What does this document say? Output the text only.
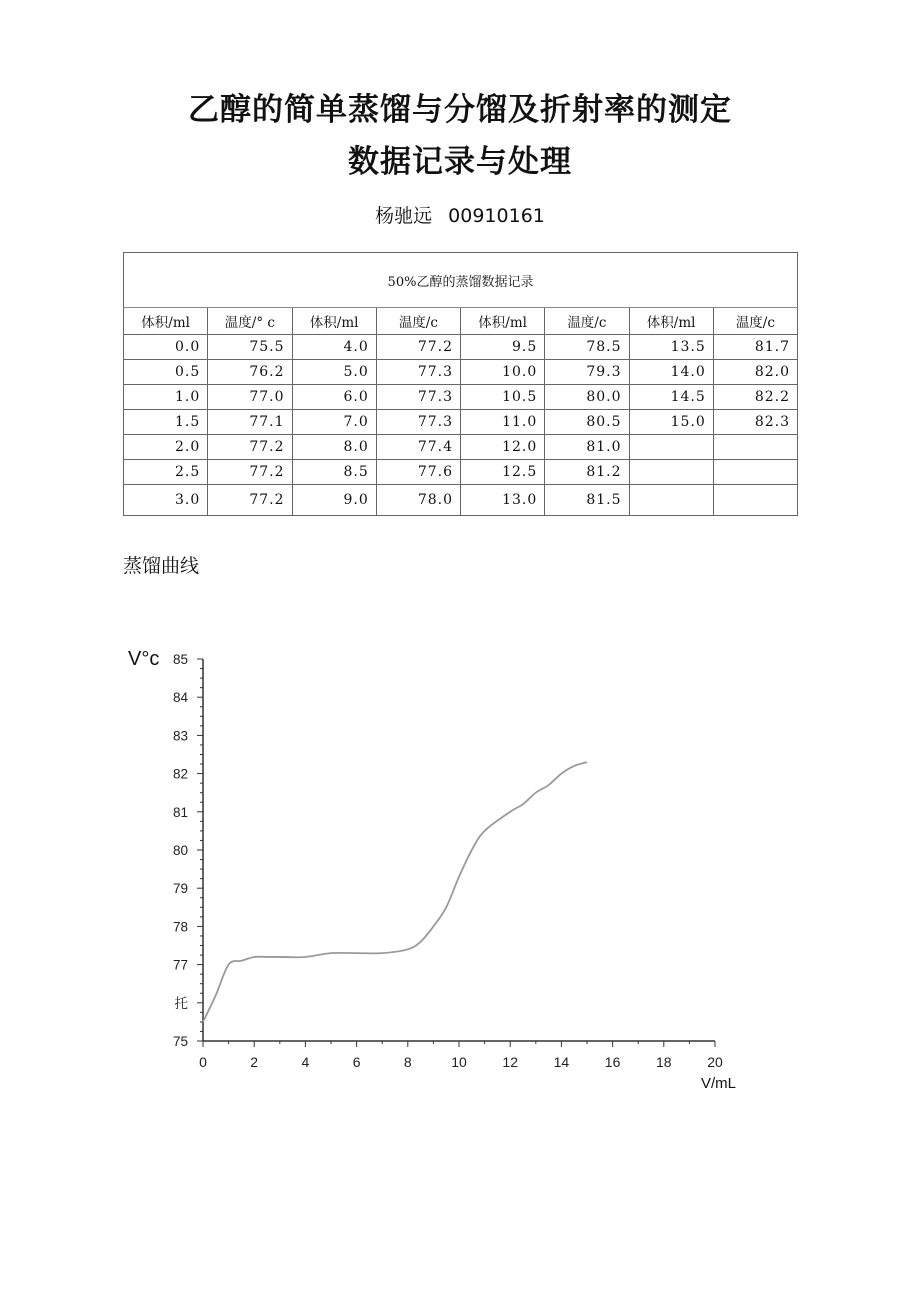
乙醇的简单蒸馏与分馏及折射率的测定
数据记录与处理
杨驰远 00910161
50%乙醇的蒸馏数据记录							
体积/ml	温度/° c	体积/ml	温度/c	体积/ml	温度/c	体积/ml	温度/c
0.0	75.5	4.0	77.2	9.5	78.5	13.5	81.7
0.5	76.2	5.0	77.3	10.0	79.3	14.0	82.0
1.0	77.0	6.0	77.3	10.5	80.0	14.5	82.2
1.5	77.1	7.0	77.3	11.0	80.5	15.0	82.3
2.0	77.2	8.0	77.4	12.0	81.0		
2.5	77.2	8.5	77.6	12.5	81.2		
3.0	77.2	9.0	78.0	13.0	81.5		
蒸馏曲线
0	2	4	6	8	10	12	14	16	18	20
75
托
77
78
79
80
81
82
83
84
85
V°c
V/mL
